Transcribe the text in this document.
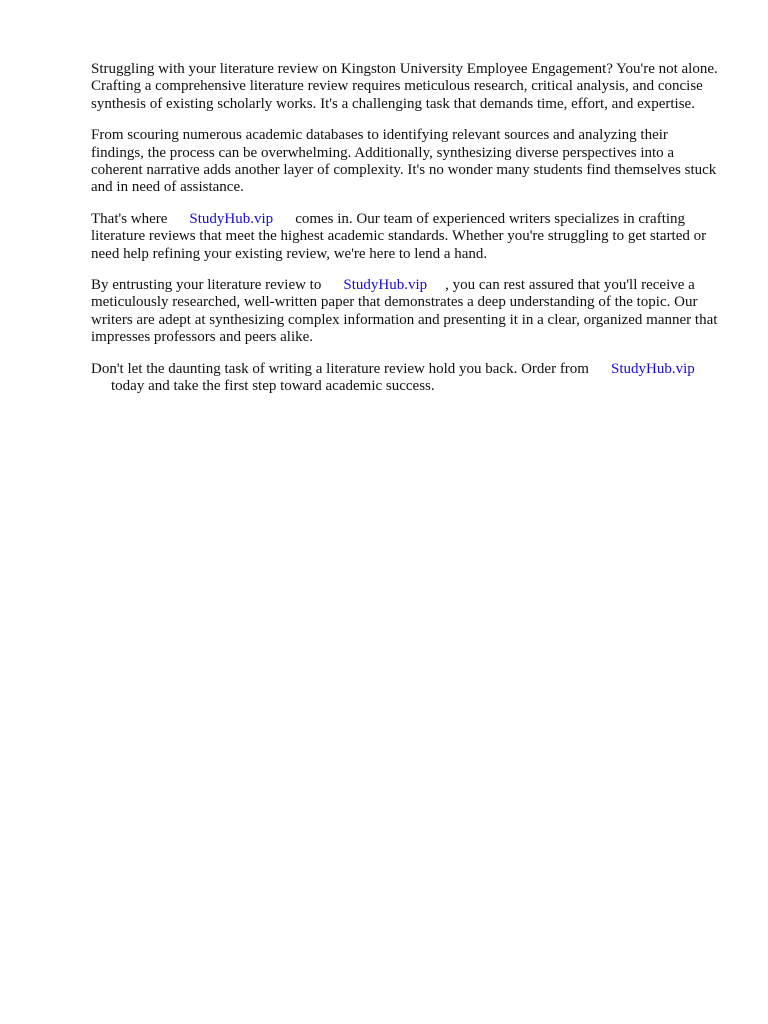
Struggling with your literature review on Kingston University Employee Engagement? You're not alone. Crafting a comprehensive literature review requires meticulous research, critical analysis, and concise synthesis of existing scholarly works. It's a challenging task that demands time, effort, and expertise.

From scouring numerous academic databases to identifying relevant sources and analyzing their findings, the process can be overwhelming. Additionally, synthesizing diverse perspectives into a coherent narrative adds another layer of complexity. It's no wonder many students find themselves stuck and in need of assistance.

That's where StudyHub.vip comes in. Our team of experienced writers specializes in crafting literature reviews that meet the highest academic standards. Whether you're struggling to get started or need help refining your existing review, we're here to lend a hand.

By entrusting your literature review to StudyHub.vip , you can rest assured that you'll receive a meticulously researched, well-written paper that demonstrates a deep understanding of the topic. Our writers are adept at synthesizing complex information and presenting it in a clear, organized manner that impresses professors and peers alike.

Don't let the daunting task of writing a literature review hold you back. Order from StudyHub.vip
today and take the first step toward academic success.
